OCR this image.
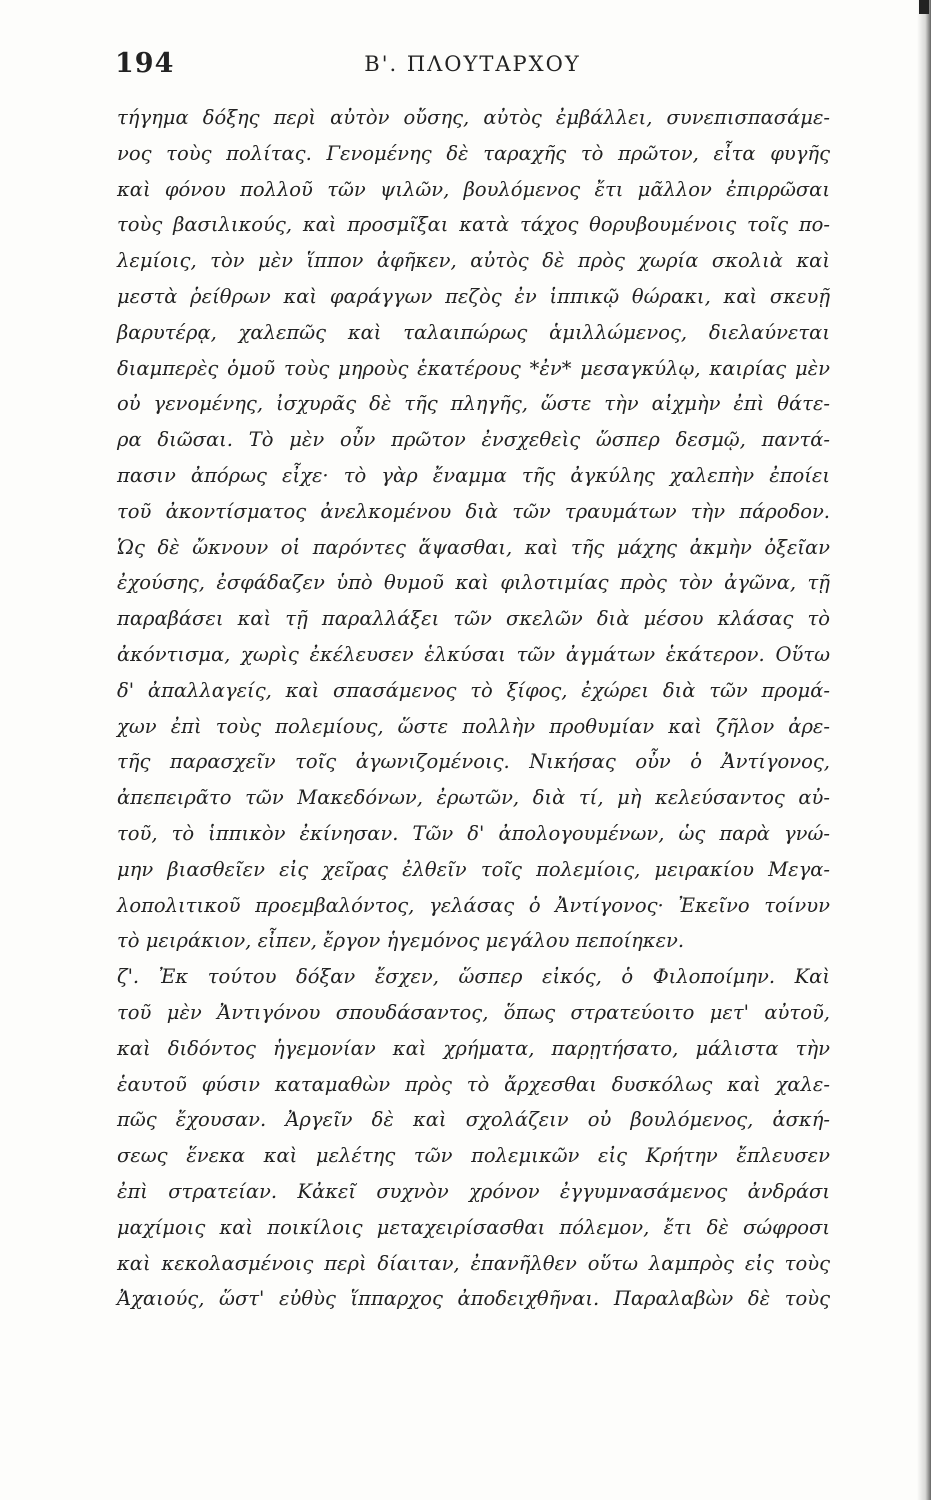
194	Β'. ΠΛΟΥΤΑΡΧΟΥ
τήγημα δόξης περὶ αὐτὸν οὔσης, αὐτὸς ἐμβάλλει, συνεπισπασάμε-
νος τοὺς πολίτας. Γενομένης δὲ ταραχῆς τὸ πρῶτον, εἶτα φυγῆς
καὶ φόνου πολλοῦ τῶν ψιλῶν, βουλόμενος ἔτι μᾶλλον ἐπιρρῶσαι
τοὺς βασιλικούς, καὶ προσμῖξαι κατὰ τάχος θορυβουμένοις τοῖς πο-
λεμίοις, τὸν μὲν ἵππον ἀφῆκεν, αὐτὸς δὲ πρὸς χωρία σκολιὰ καὶ
μεστὰ ῥείθρων καὶ φαράγγων πεζὸς ἐν ἱππικῷ θώρακι, καὶ σκευῇ
βαρυτέρᾳ, χαλεπῶς καὶ ταλαιπώρως ἁμιλλώμενος, διελαύνεται
διαμπερὲς ὁμοῦ τοὺς μηροὺς ἑκατέρους *ἐν* μεσαγκύλῳ, καιρίας μὲν
οὐ γενομένης, ἰσχυρᾶς δὲ τῆς πληγῆς, ὥστε τὴν αἰχμὴν ἐπὶ θάτε-
ρα διῶσαι. Τὸ μὲν οὖν πρῶτον ἐνσχεθεὶς ὥσπερ δεσμῷ, παντά-
πασιν ἀπόρως εἶχε· τὸ γὰρ ἔναμμα τῆς ἀγκύλης χαλεπὴν ἐποίει
τοῦ ἀκοντίσματος ἀνελκομένου διὰ τῶν τραυμάτων τὴν πάροδον.
Ὡς δὲ ὤκνουν οἱ παρόντες ἅψασθαι, καὶ τῆς μάχης ἀκμὴν ὀξεῖαν
ἐχούσης, ἐσφάδαζεν ὑπὸ θυμοῦ καὶ φιλοτιμίας πρὸς τὸν ἀγῶνα, τῇ
παραβάσει καὶ τῇ παραλλάξει τῶν σκελῶν διὰ μέσου κλάσας τὸ
ἀκόντισμα, χωρὶς ἐκέλευσεν ἑλκύσαι τῶν ἀγμάτων ἑκάτερον. Οὕτω
δ' ἀπαλλαγείς, καὶ σπασάμενος τὸ ξίφος, ἐχώρει διὰ τῶν προμά-
χων ἐπὶ τοὺς πολεμίους, ὥστε πολλὴν προθυμίαν καὶ ζῆλον ἀρε-
τῆς παρασχεῖν τοῖς ἀγωνιζομένοις. Νικήσας οὖν ὁ Ἀντίγονος,
ἀπεπειρᾶτο τῶν Μακεδόνων, ἐρωτῶν, διὰ τί, μὴ κελεύσαντος αὐ-
τοῦ, τὸ ἱππικὸν ἐκίνησαν. Τῶν δ' ἀπολογουμένων, ὡς παρὰ γνώ-
μην βιασθεῖεν εἰς χεῖρας ἐλθεῖν τοῖς πολεμίοις, μειρακίου Μεγα-
λοπολιτικοῦ προεμβαλόντος, γελάσας ὁ Ἀντίγονος· Ἐκεῖνο τοίνυν
τὸ μειράκιον, εἶπεν, ἔργον ἡγεμόνος μεγάλου πεποίηκεν.
ζ'. Ἐκ τούτου δόξαν ἔσχεν, ὥσπερ εἰκός, ὁ Φιλοποίμην. Καὶ
τοῦ μὲν Ἀντιγόνου σπουδάσαντος, ὅπως στρατεύοιτο μετ' αὐτοῦ,
καὶ διδόντος ἡγεμονίαν καὶ χρήματα, παρῃτήσατο, μάλιστα τὴν
ἑαυτοῦ φύσιν καταμαθὼν πρὸς τὸ ἄρχεσθαι δυσκόλως καὶ χαλε-
πῶς ἔχουσαν. Ἀργεῖν δὲ καὶ σχολάζειν οὐ βουλόμενος, ἀσκή-
σεως ἕνεκα καὶ μελέτης τῶν πολεμικῶν εἰς Κρήτην ἔπλευσεν
ἐπὶ στρατείαν. Κἀκεῖ συχνὸν χρόνον ἐγγυμνασάμενος ἀνδράσι
μαχίμοις καὶ ποικίλοις μεταχειρίσασθαι πόλεμον, ἔτι δὲ σώφροσι
καὶ κεκολασμένοις περὶ δίαιταν, ἐπανῆλθεν οὕτω λαμπρὸς εἰς τοὺς
Ἀχαιούς, ὥστ' εὐθὺς ἵππαρχος ἀποδειχθῆναι. Παραλαβὼν δὲ τοὺς
